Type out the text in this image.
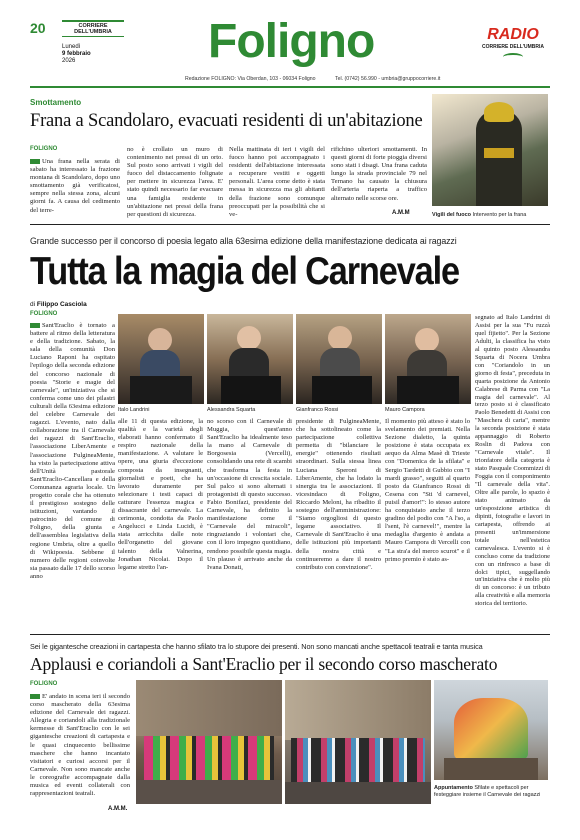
20	CORRIERE DELL'UMBRIA
Lunedì
9 febbraio
2026	Foligno
Redazione FOLIGNO: Via Oberdan, 103 - 06034 Foligno	Tel. (0742) 56.990 - umbria@gruppocorriere.it
RADIO
CORRIERE DELL'UMBRIA
Smottamento
Frana a Scandolaro, evacuati residenti di un'abitazione
FOLIGNO
Una frana nella serata di sabato ha interessato la frazione montana di Scandolaro, dopo uno smottamento già verificatosi, sempre nella stessa zona, alcuni giorni fa. A causa del cedimento del terre-
no è crollato un muro di contenimento nei pressi di un orto. Sul posto sono arrivati i vigili del fuoco del distaccamento folignate per mettere in sicurezza l'area. E' stato quindi necessario far evacuare una famiglia residente in un'abitazione nei pressi della frana per questioni di sicurezza.
Nella mattinata di ieri i vigili del fuoco hanno poi accompagnato i residenti dell'abitazione interessata a recuperare vestiti e oggetti personali. L'area come detto è stata messa in sicurezza ma gli abitanti della frazione sono comunque preoccupati per la possibilità che si ve-
rifichino ulteriori smottamenti. In questi giorni di forte pioggia diversi sono stati i disagi. Una frana caduta lungo la strada provinciale 79 nel Ternano ha causato la chiusura dell'arteria riaperta a traffico alternato nelle scorse ore.
A.M.M	Vigili del fuoco Intervento per la frana
Grande successo per il concorso di poesia legato alla 63esima edizione della manifestazione dedicata ai ragazzi
Tutta la magia del Carnevale
di Filippo Casciola
FOLIGNO
Sant'Eraclio è tornato a battere al ritmo della letteratura e della tradizione. Sabato, la sala della comunità Don Luciano Raponi ha ospitato l'epilogo della seconda edizione del concorso nazionale di poesia "Storie e magie del carnevale", un'iniziativa che si conferma come uno dei pilastri culturali della 63esima edizione del celebre Carnevale dei ragazzi. L'evento, nato dalla collaborazione tra il Carnevale dei ragazzi di Sant'Eraclio, l'associazione LiberAmente e l'associazione FulgineaMente, ha visto la partecipazione attiva dell'Unità pastorale Sant'Eraclio-Cancellara e della Comunanza agraria locale. Un progetto corale che ha ottenuto il prestigioso sostegno delle istituzioni, vantando il patrocinio del comune di Foligno, della giunta e dell'assemblea legislativa della regione Umbria, oltre a quello di Wikipoesia. Sebbene il numero delle regioni coinvolte sia passato dalle 17 dello scorso anno
Italo Landrini	Alessandra Squarta	Gianfranco Rossi	Mauro Campora
alle 11 di questa edizione, la qualità e la varietà degli elaborati hanno confermato il respiro nazionale della manifestazione. A valutare le opere, una giuria d'eccezione composta da insegnanti, giornalisti e poeti, che ha lavorato duramente per selezionare i testi capaci di catturare l'essenza magica e dissacrante del carnevale. La cerimonia, condotta da Paolo Angelucci e Linda Lucidi, è stata arricchita dalle note dell'organetto del giovane talento della Valnerina, Jonathan Nicolai. Dopo il legame stretto l'an-
no scorso con il Carnevale di Muggia, quest'anno Sant'Eraclio ha idealmente teso la mano al Carnevale di Borgosesia (Vercelli), consolidando una rete di scambi che trasforma la festa in un'occasione di crescita sociale. Sul palco si sono alternati i protagonisti di questo successo. Fabio Bonifazi, presidente del Carnevale, ha definito la manifestazione come il "Carnevale del miracoli", ringraziando i volontari che, con il loro impegno quotidiano, rendono possibile questa magia. Un plauso è arrivato anche da Ivana Donati,
presidente di FulgineaMente, che ha sottolineato come la partecipazione collettiva permetta di "bilanciare le energie" ottenendo risultati straordinari. Sulla stessa linea Luciana Speroni di LiberAmente, che ha lodato la sinergia tra le associazioni. Il vicesindaco di Foligno, Riccardo Meloni, ha ribadito il sostegno dell'amministrazione: "Siamo orgogliosi di questo legame associativo. Il Carnevale di Sant'Eraclio è una delle istituzioni più importanti della nostra città e continueremo a dare il nostro contributo con convinzione".
Il momento più atteso è stato lo svelamento dei premiati. Nella Sezione dialetto, la quinta posizione è stata occupata ex aequo da Alma Masè di Trieste con "Domenica de la sfilata" e Sergio Tardetti di Gubbio con "I mardi grasso", seguiti al quarto posto da Gianfranco Rossi di Cesena con "Sti 'd carnevel, puisil d'amor!": lo stesso autore ha conquistato anche il terzo gradino del podio con "A l'so, a l'sent, l'è carnevel!", mentre la medaglia d'argento è andata a Mauro Campora di Vercelli con "La stra'a del merco scurot" e il primo premio è stato as-
segnato ad Italo Landrini di Assisi per la sua "Fu ruzzà quel fijietto". Per la Sezione Adulti, la classifica ha visto al quinto posto Alessandra Squarta di Nocera Umbra con "Coriandolo in un giorno di festa", preceduta in quarta posizione da Antonio Calabrese di Parma con "La magia del carnevale". Al terzo posto si è classificato Paolo Benedetti di Assisi con "Maschera di carta", mentre la seconda posizione è stata appannaggio di Roberto Roslin di Padova con "Carnevale vitale". Il trionfatore della categoria è stato Pasquale Coommizzi di Foggia con il componimento "Il carnevale della vita". Oltre alle parole, lo spazio è stato animato da un'esposizione artistica di dipinti, fotografie e lavori in cartapesta, offrendo ai presenti un'immersione totale nell'estetica carnevalesca. L'evento si è concluso come da tradizione con un rinfresco a base di dolci tipici, suggellando un'iniziativa che è molto più di un concorso: è un tributo alla creatività e alla memoria storica del territorio.
Sei le gigantesche creazioni in cartapesta che hanno sfilato tra lo stupore dei presenti. Non sono mancati anche spettacoli teatrali e tanta musica
Applausi e coriandoli a Sant'Eraclio per il secondo corso mascherato
FOLIGNO
E' andato in scena ieri il secondo corso mascherato della 63esima edizione del Carnevale dei ragazzi. Allegria e coriandoli alla tradizionale kermesse di Sant'Eraclio con le sei gigantesche creazioni di cartapesta e le quasi cinquecento bellissime maschere che hanno incantato visitatori e curiosi accorsi per il Carnevale. Non sono mancate anche le coreografie accompagnate dalla musica ed eventi collaterali con rappresentazioni teatrali.
A.M.M.
Appuntamento Sfilate e spettacoli per festeggiare insieme il Carnevale dei ragazzi
